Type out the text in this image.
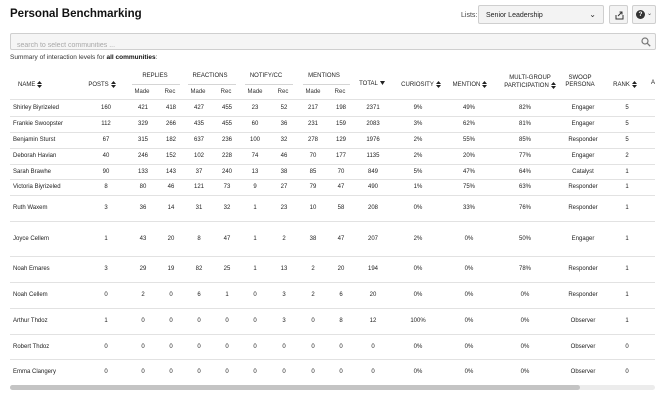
Personal Benchmarking	Lists:	Senior Leadership	⌄	? ⌄
search to select communities ...
Summary of interaction levels for all communities:
NAME	POSTS
REPLIES	REACTIONS	NOTIFY/CC	MENTIONS
TOTAL	CURIOSITY	MENTION
MULTI-GROUP
PARTICIPATION
SWOOP
PERSONA	RANK	A
Made	Rec	Made	Rec	Made	Rec	Made	Rec
Shirley Biyrizeled	160	421	418	427	455	23	52	217	198	2371	9%	49%	82%	Engager	5
Frankie Swoopster	112	329	266	435	455	60	36	231	159	2083	3%	62%	81%	Engager	5
Benjamin Sturst	67	315	182	637	236	100	32	278	129	1976	2%	55%	85%	Responder	5
Deborah Havian	40	246	152	102	228	74	46	70	177	1135	2%	20%	77%	Engager	2
Sarah Brawhe	90	133	143	37	240	13	38	85	70	849	5%	47%	64%	Catalyst	1
Victoria Biyrizeled	8	80	46	121	73	9	27	79	47	490	1%	75%	63%	Responder	1
Ruth Waxem	3	36	14	31	32	1	23	10	58	208	0%	33%	76%	Responder	1
Joyce Cellem	1	43	20	8	47	1	2	38	47	207	2%	0%	50%	Engager	1
Noah Emares	3	29	19	82	25	1	13	2	20	194	0%	0%	78%	Responder	1
Noah Cellem	0	2	0	6	1	0	3	2	6	20	0%	0%	0%	Responder	1
Arthur Thdoz	1	0	0	0	0	0	3	0	8	12	100%	0%	0%	Observer	1
Robert Thdoz	0	0	0	0	0	0	0	0	0	0	0%	0%	0%	Observer	0
Emma Clangery	0	0	0	0	0	0	0	0	0	0	0%	0%	0%	Observer	0
